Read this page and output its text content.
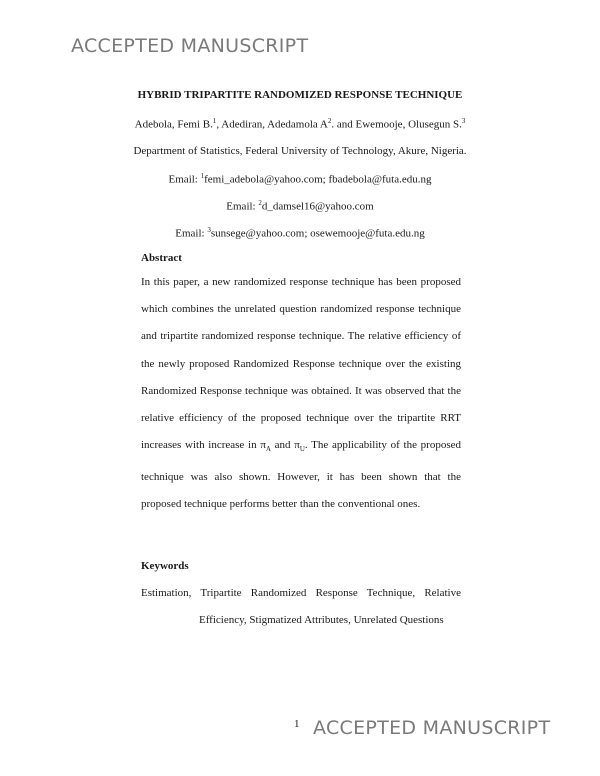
ACCEPTED MANUSCRIPT
HYBRID TRIPARTITE RANDOMIZED RESPONSE TECHNIQUE
Adebola, Femi B.$^1$, Adediran, Adedamola $A^2$. and Ewemooje, Olusegun S.$^3$
Department of Statistics, Federal University of Technology, Akure, Nigeria.
Email: $^1$femi_adebola@yahoo.com; fbadebola@futa.edu.ng
Email: $^2$d_damsel16@yahoo.com
Email: $^3$sunsege@yahoo.com; osewemooje@futa.edu.ng
Abstract
In this paper, a new randomized response technique has been proposed which combines the unrelated question randomized response technique and tripartite randomized response technique. The relative efficiency of the newly proposed Randomized Response technique over the existing Randomized Response technique was obtained. It was observed that the relative efficiency of the proposed technique over the tripartite RRT increases with increase in $\pi_A$ and $\pi_U$. The applicability of the proposed technique was also shown. However, it has been shown that the proposed technique performs better than the conventional ones.
Keywords
Estimation, Tripartite Randomized Response Technique, Relative Efficiency, Stigmatized Attributes, Unrelated Questions
1 ACCEPTED MANUSCRIPT
